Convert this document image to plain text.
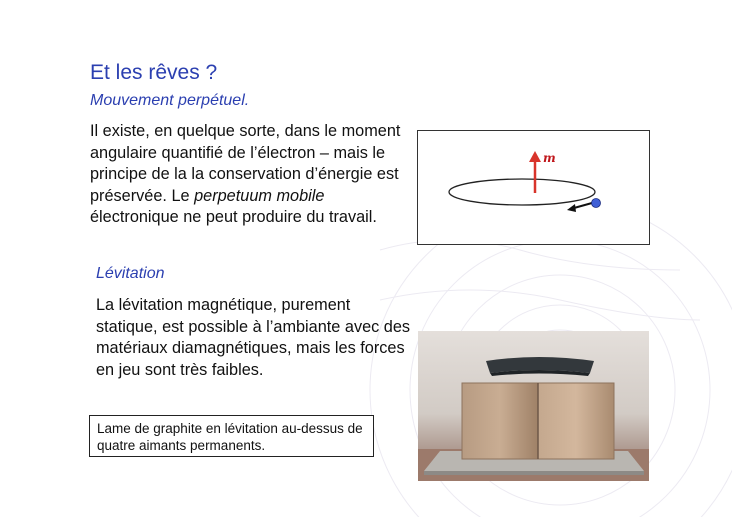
Et les rêves ?
Mouvement perpétuel.
Il existe, en quelque sorte, dans le moment angulaire quantifié de l’électron – mais le principe de la la conservation d’énergie est préservée. Le perpetuum mobile électronique ne peut produire du travail.
m
Lévitation
La lévitation magnétique, purement statique, est possible à l’ambiante avec des matériaux diamagnétiques, mais les forces en jeu sont très faibles.
Lame de graphite en lévitation au-dessus de quatre aimants permanents.
